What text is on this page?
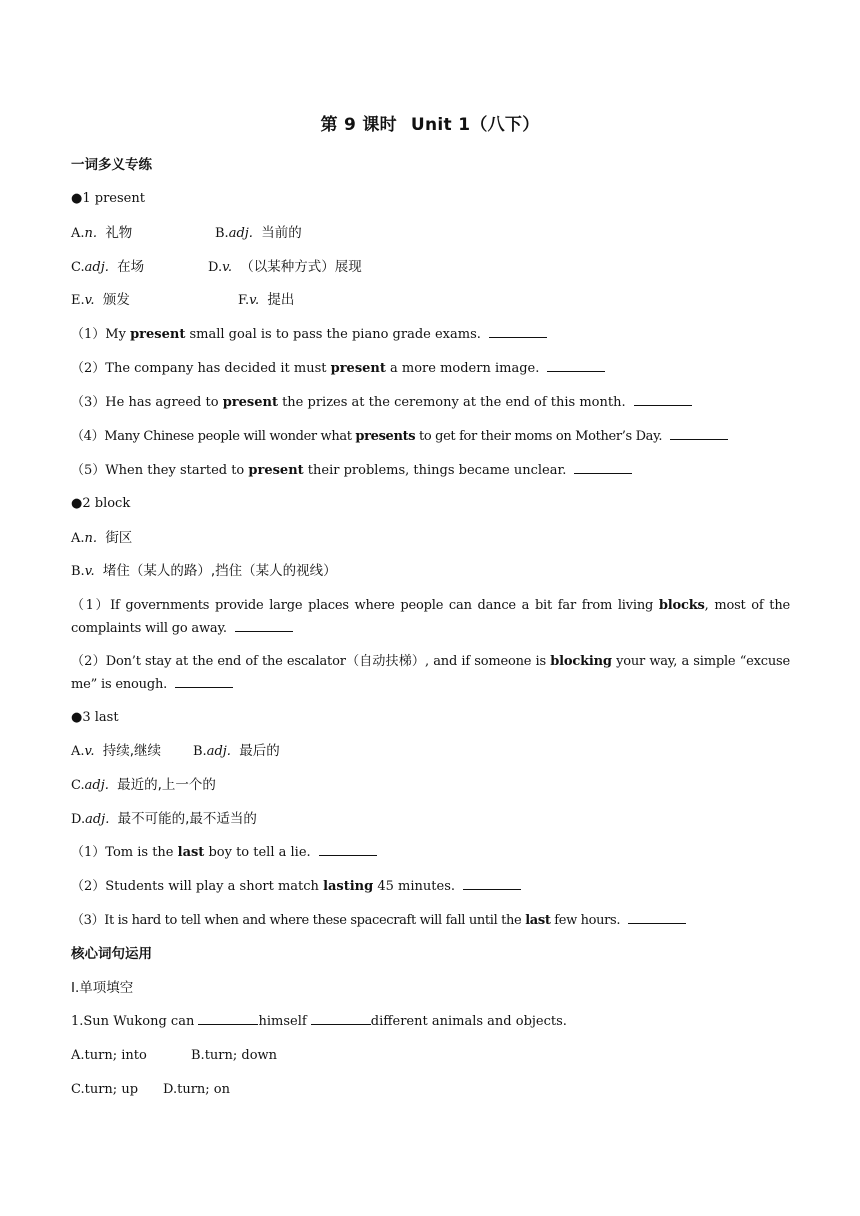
第 9 课时 Unit 1（八下）
一词多义专练
●1 present
A.n. 礼物	B.adj. 当前的
C.adj. 在场	D.v. （以某种方式）展现
E.v. 颁发	F.v. 提出
（1）My present small goal is to pass the piano grade exams.
（2）The company has decided it must present a more modern image.
（3）He has agreed to present the prizes at the ceremony at the end of this month.
（4）Many Chinese people will wonder what presents to get for their moms on Mother’s Day.
（5）When they started to present their problems, things became unclear.
●2 block
A.n. 街区
B.v. 堵住（某人的路）,挡住（某人的视线）
（1）If governments provide large places where people can dance a bit far from living blocks, most of the complaints will go away.
（2）Don’t stay at the end of the escalator（自动扶梯）, and if someone is blocking your way, a simple “excuse me” is enough.
●3 last
A.v. 持续,继续 B.adj. 最后的
C.adj. 最近的,上一个的
D.adj. 最不可能的,最不适当的
（1）Tom is the last boy to tell a lie.
（2）Students will play a short match lasting 45 minutes.
（3）It is hard to tell when and where these spacecraft will fall until the last few hours.
核心词句运用
Ⅰ.单项填空
1.Sun Wukong can	himself	different animals and objects.
A.turn; into	B.turn; down
C.turn; up D.turn; on
